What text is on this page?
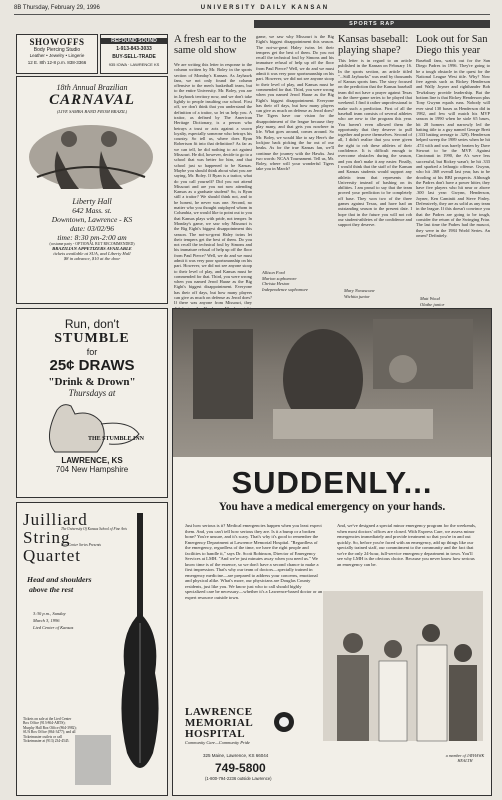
8B Thursday, February 29, 1996	UNIVERSITY DAILY KANSAN
SHOWOFFS
Body Piercing Studio
Leather • Jewelry • Lingerie
12 E. 8th 12-8 p.m. 838-3366
REFOUND SOUND
1-913-843-3033
BUY-SELL-TRADE
935 IOWA · LAWRENCE KS
18th Annual Brazilian
CARNAVAL
(LIVE SAMBA BAND FROM BRAZIL)
Liberty Hall
642 Mass. st.
Downtown, Lawrence - KS
date: 03/02/96
time: 8:30 pm-2:00 am
(costume party - OPTIONAL BUT RECOMMENDED)
BRAZILIAN APPETIZERS AVAILABLE
tickets available at SUA, and Liberty Hall
$8 in advance, $10 at the door
Run, don't
STUMBLE
for
25¢ DRAWS
"Drink & Drown"
Thursdays at
THE STUMBLE INN
LAWRENCE, KS
704 New Hampshire
Juilliard
String
Quartet
The University Of Kansas School of Fine Arts
Lied Center Series Presents
Head and shoulders
above the rest
3:30 p.m., Sunday
March 3, 1996
Lied Center of Kansas
Tickets on sale at the Lied Center Box Office (913-864-ARTS); Murphy Hall Box Office (864-3982); SUA Box Office (864-3477); and all Ticketmaster outlets or call Ticketmaster at (913) 234-4545.
SPORTS RAP
A fresh ear to the same old show
We are writing this letter in response to the column written by Mr. Boley in the sports section of Monday's Kansan. As Jayhawk fans, we not only found the column offensive to the men's basketball team, but to the entire University. Mr. Boley, you are in Jayhawk territory now, and we don't take lightly to people insulting our school. First off, we don't think that you understand the definition of a traitor, so let us help you. A traitor, as defined by The American Heritage Dictionary, is a person who betrays a trust or acts against a sworn loyalty, especially someone who betrays his country. So tell us, where does Ryan Robertson fit into that definition? As far as we can tell, he did nothing to act against Missouri. He did, however, decide to go to a school that was better for him, and that school just so happened to be Kansas. Maybe you should think about what you are saying, Mr. Boley. If Ryan is a traitor, what do you call yourself? Did you not attend Missouri and are you not now attending Kansas as a graduate student? So, is Ryan still a traitor? We should think not, and to be honest, he never was one. Second, no matter who you thought outplayed whom in Columbia, we would like to point out to you that Kansas plays with pride, not temper. In Monday's game, we saw why Missouri is the Big Eight's biggest disappointment this season. The not-so-great Haley twins let their tempers get the best of them. Do you not recall the technical foul by Simons and his immature refusal of help up off the floor from Paul Pierce? Well, we do and we must admit it was very poor sportsmanship on his part. However, we did not see anyone stoop to their level of play, and Kansas must be commended for that. Third, you were wrong when you named Jerod Haase as the Big Eight's biggest disappointment. Everyone has their off days, but how many players can give as much on defense as Jerod does? If there was anyone from Missouri, they
game, we saw why Missouri is the Big Eight's biggest disappointment this season. The not-so-great Haley twins let their tempers get the best of them. Do you not recall the technical foul by Simons and his immature refusal of help up off the floor from Paul Pierce? Well, we do and we must admit it was very poor sportsmanship on his part. However, we did not see anyone stoop to their level of play, and Kansas must be commended for that. Third, you were wrong when you named Jerod Haase as the Big Eight's biggest disappointment. Everyone has their off days, but how many players can give as much on defense as Jerod does? The Tigers have our vision for the disappointment of the league because they play many, and that gets you nowhere in life. What goes around, comes around. So Mr. Boley, we would like to say Here's the lockjaw back picking the fur out of our beaks. As for the true Kansas fan, we'll continue the journey with the Hawks. Just two words: NCAA Tournament. Tell us, Mr. Boley, where will your wonderful Tigers take you in March?
Allison Ford
Marion sophomore
Christa Heston
Independence sophomore
Kansas baseball: playing shape?
This letter is in regard to an article published in the Kansan on February 16. In the sports section, an article titled "...Still Jayhawks" was read by thousands of Kansas sports fans. The story focused on the prediction that the Kansas baseball team did not have a prayer against Texas in the three-game series to be played that weekend. I find it rather unprofessional to make such a prediction. First of all the baseball team consists of several athletes who are new to the program this year. You haven't even allowed them the opportunity that they deserve to pull together and prove themselves. Second of all, I didn't realize that you were given the right to rob these athletes of their confidence. It is difficult enough to overcome obstacles during the season, and you don't make it any easier. Finally, I would think that the staff of the Kansan and Kansas students would support any athletic team that represents the University instead of bashing on its abilities. I am proud to say that the team proved your prediction to be completely off base. They won two of the three games against Texas, and have had an outstanding season to the present date. I hope that in the future you will not rob our student-athletes of the confidence and support they deserve.
Mary Novascone
Wichita junior
Look out for San Diego this year
Baseball fans, watch out for the San Diego Padres in 1996. They're going to be a tough obstacle in the quest for the National League West title. Why? Now free agents such as Rickey Henderson and Wally Joyner and righthander Bob Tewksbury provide leadership. But the bottom line is that Rickey Henderson plus Tony Gwynn equals runs. Nobody will ever steal 130 bases as Henderson did in 1982, and few will match his MVP season in 1990 when he stole 65 bases, hit 28 homers and narrowly led the batting title to a guy named George Brett (.333 batting average to .329). Henderson helped sweep the 1989 series when he hit .474 with and was barely beaten by Dave Stewart to be the MVP. Against Cincinnati in 1990, the A's were less successful, but Rickey wasn't; he hit .333 and sparked a lethargic offense. Gwynn, who hit .368 overall last year, has to be drooling at his RBI prospects. Although the Padres don't have a power hitter, they have five players who hit near or above .300 last year: Gwynn, Henderson, Joyner, Ken Caminiti and Steve Finley. Defensively, they are as solid as any team in the league. If this doesn't convince you that the Padres are going to be tough, consider the return of the Swinging Friar. The last time the Padres had the mascot, they were in the 1984 World Series. An omen? Definitely.
Matt Wood
Olathe junior
SUDDENLY...
You have a medical emergency on your hands.
Just how serious is it? Medical emergencies happen when you least expect them. And, you can't tell how serious they are. Is it a bump or a broken bone? You're unsure, and it's scary. That's why it's good to remember the Emergency Department at Lawrence Memorial Hospital. "Regardless of the emergency, regardless of the time, we have the right people and facilities to handle it," says Dr. Scott Robinson, Director of Emergency Services at LMH. "And we're just minutes away when you need us." We know time is of the essence, so we don't have a second chance to make a first impression. That's why our team of doctors—specially trained in emergency medicine—are prepared to address your concerns, emotional and physical alike. What's more, our physicians are Douglas County residents, just like you. We know just who to call should highly specialized care be necessary—whether it's a Lawrence-based doctor or an expert resource outside town.
And, we've designed a special minor emergency program for the weekends, when most doctors' offices are closed. With Express Care, we assess minor emergencies immediately and provide treatment so that you're in and out quickly. So, before you're faced with an emergency, add up things like our specially trained staff, our commitment to the community and the fact that we're the only 24-hour, full-service emergency department in town. You'll see why LMH is the obvious choice. Because you never know how serious an emergency can be.
LAWRENCE
MEMORIAL
HOSPITAL
Community Care—Community Pride
325 Maine, Lawrence, KS 66044
749-5800
(1-800-794-2236 outside Lawrence)
a member of JAYHAWK HEALTH
